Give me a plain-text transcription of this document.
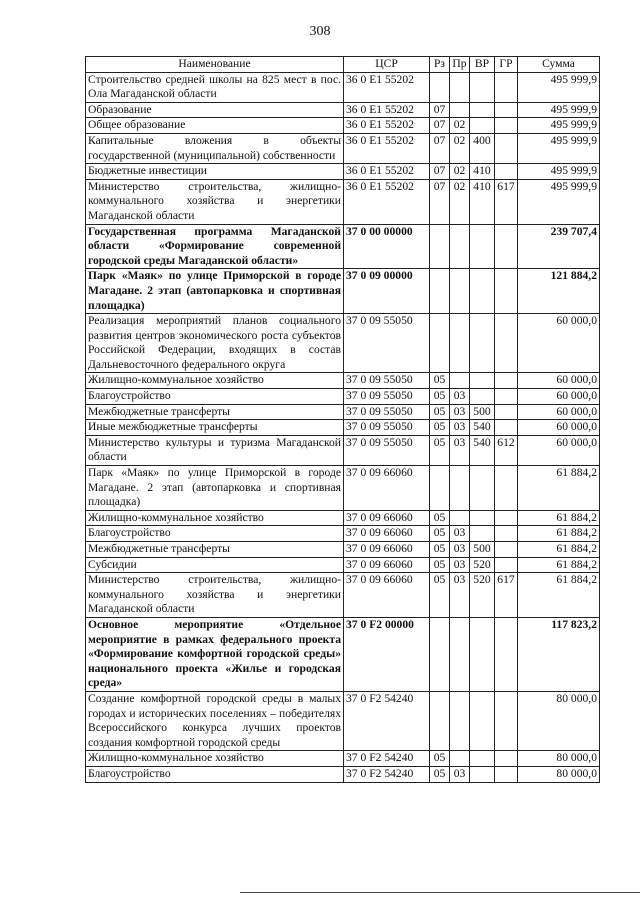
308
Наименование	ЦСР	Рз	Пр	ВР	ГР	Сумма
Строительство средней школы на 825 мест в пос. Ола Магаданской области	36 0 E1 55202					495 999,9
Образование	36 0 E1 55202	07				495 999,9
Общее образование	36 0 E1 55202	07	02			495 999,9
Капитальные вложения в объекты государственной (муниципальной) собственности	36 0 E1 55202	07	02	400		495 999,9
Бюджетные инвестиции	36 0 E1 55202	07	02	410		495 999,9
Министерство строительства, жилищно-коммунального хозяйства и энергетики Магаданской области	36 0 E1 55202	07	02	410	617	495 999,9
Государственная программа Магаданской области «Формирование современной городской среды Магаданской области»	37 0 00 00000					239 707,4
Парк «Маяк» по улице Приморской в городе Магадане. 2 этап (автопарковка и спортивная площадка)	37 0 09 00000					121 884,2
Реализация мероприятий планов социального развития центров экономического роста субъектов Российской Федерации, входящих в состав Дальневосточного федерального округа	37 0 09 55050					60 000,0
Жилищно-коммунальное хозяйство	37 0 09 55050	05				60 000,0
Благоустройство	37 0 09 55050	05	03			60 000,0
Межбюджетные трансферты	37 0 09 55050	05	03	500		60 000,0
Иные межбюджетные трансферты	37 0 09 55050	05	03	540		60 000,0
Министерство культуры и туризма Магаданской области	37 0 09 55050	05	03	540	612	60 000,0
Парк «Маяк» по улице Приморской в городе Магадане. 2 этап (автопарковка и спортивная площадка)	37 0 09 66060					61 884,2
Жилищно-коммунальное хозяйство	37 0 09 66060	05				61 884,2
Благоустройство	37 0 09 66060	05	03			61 884,2
Межбюджетные трансферты	37 0 09 66060	05	03	500		61 884,2
Субсидии	37 0 09 66060	05	03	520		61 884,2
Министерство строительства, жилищно-коммунального хозяйства и энергетики Магаданской области	37 0 09 66060	05	03	520	617	61 884,2
Основное мероприятие «Отдельное мероприятие в рамках федерального проекта «Формирование комфортной городской среды» национального проекта «Жилье и городская среда»	37 0 F2 00000					117 823,2
Создание комфортной городской среды в малых городах и исторических поселениях – победителях Всероссийского конкурса лучших проектов создания комфортной городской среды	37 0 F2 54240					80 000,0
Жилищно-коммунальное хозяйство	37 0 F2 54240	05				80 000,0
Благоустройство	37 0 F2 54240	05	03			80 000,0
